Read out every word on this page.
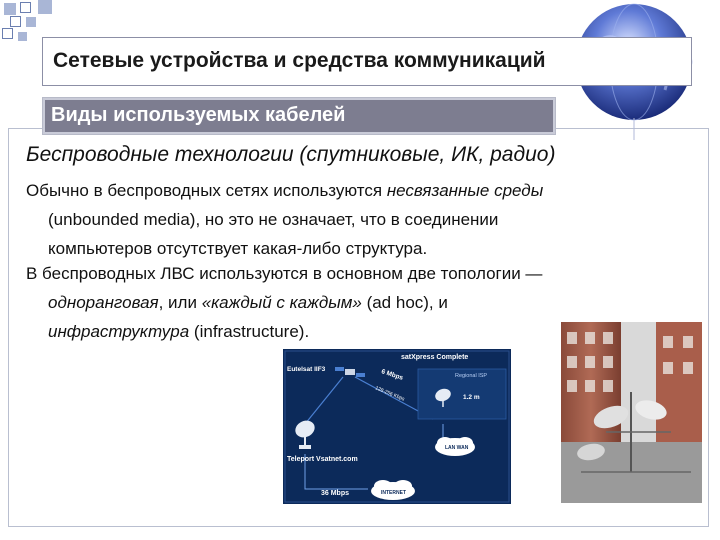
Сетевые устройства и средства коммуникаций
Виды используемых кабелей
Беспроводные технологии (спутниковые, ИК, радио)
Обычно в беспроводных сетях используются несвязанные среды
(unbounded media), но это не означает, что в соединении
компьютеров отсутствует какая-либо структура.
В беспроводных ЛВС используются в основном две топологии —
одноранговая, или «каждый с каждым» (ad hoc), и
инфраструктура (infrastructure).
satXpress Complete
Eutelsat IIF3	6 Mbps
128-256 Kbps
Regional ISP
1.2 m
LAN WAN
Teleport Vsatnet.com
36 Mbps	INTERNET
